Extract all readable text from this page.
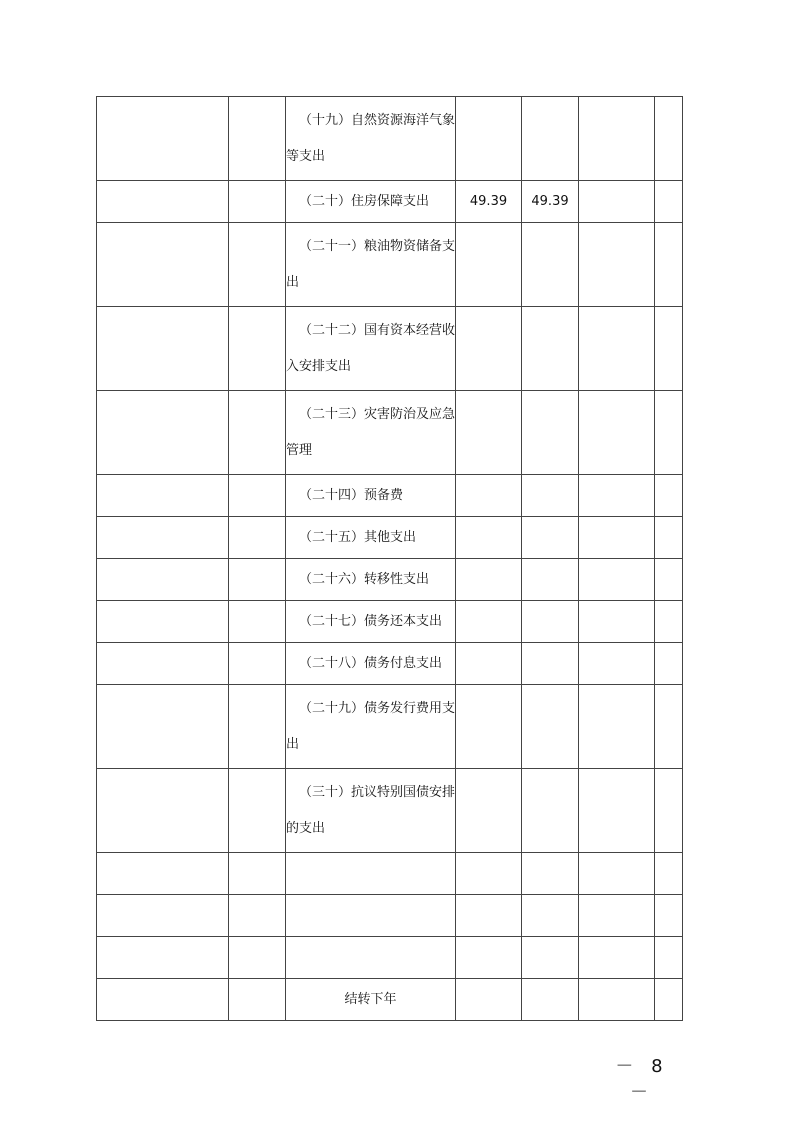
		（十九）自然资源海洋气象等支出				
		（二十）住房保障支出	49.39	49.39		
		（二十一）粮油物资储备支出				
		（二十二）国有资本经营收入安排支出				
		（二十三）灾害防治及应急管理				
		（二十四）预备费				
		（二十五）其他支出				
		（二十六）转移性支出				
		（二十七）债务还本支出				
		（二十八）债务付息支出				
		（二十九）债务发行费用支出				
		（三十）抗议特别国债安排的支出				

		结转下年				
－ 8 －
